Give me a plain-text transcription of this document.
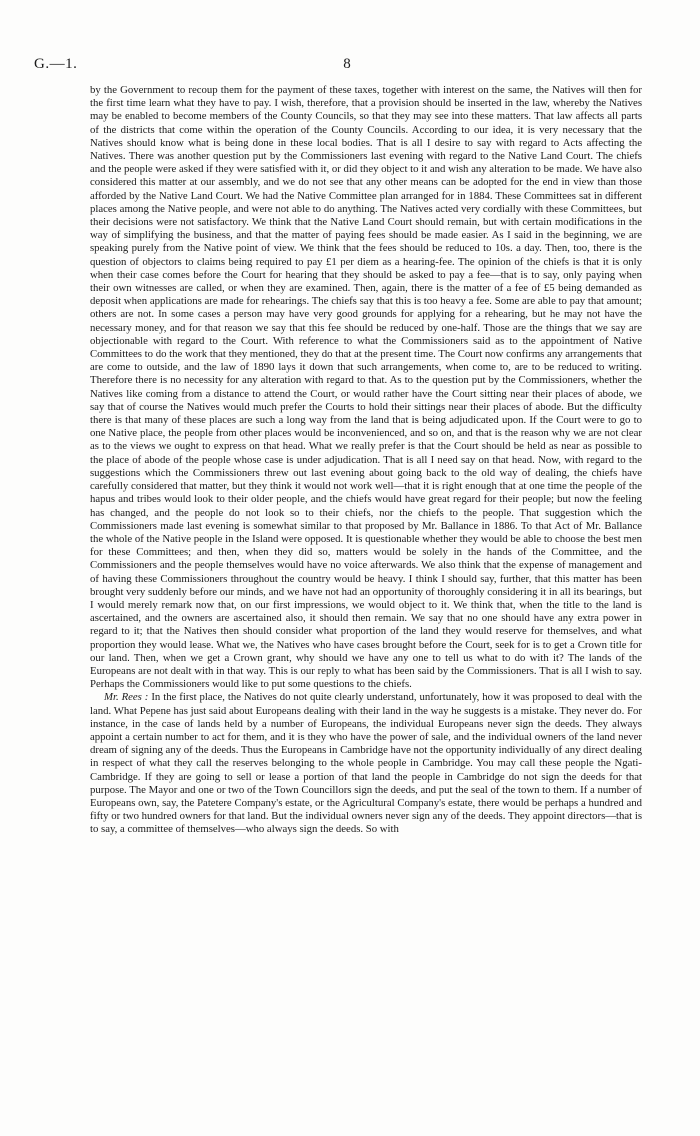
G.—1.	8

by the Government to recoup them for the payment of these taxes, together with interest on the same, the Natives will then for the first time learn what they have to pay. I wish, therefore, that a provision should be inserted in the law, whereby the Natives may be enabled to become members of the County Councils, so that they may see into these matters. That law affects all parts of the districts that come within the operation of the County Councils. According to our idea, it is very necessary that the Natives should know what is being done in these local bodies. That is all I desire to say with regard to Acts affecting the Natives. There was another question put by the Commissioners last evening with regard to the Native Land Court. The chiefs and the people were asked if they were satisfied with it, or did they object to it and wish any alteration to be made. We have also considered this matter at our assembly, and we do not see that any other means can be adopted for the end in view than those afforded by the Native Land Court. We had the Native Committee plan arranged for in 1884. These Committees sat in different places among the Native people, and were not able to do anything. The Natives acted very cordially with these Committees, but their decisions were not satisfactory. We think that the Native Land Court should remain, but with certain modifications in the way of simplifying the business, and that the matter of paying fees should be made easier. As I said in the beginning, we are speaking purely from the Native point of view. We think that the fees should be reduced to 10s. a day. Then, too, there is the question of objectors to claims being required to pay £1 per diem as a hearing-fee. The opinion of the chiefs is that it is only when their case comes before the Court for hearing that they should be asked to pay a fee—that is to say, only paying when their own witnesses are called, or when they are examined. Then, again, there is the matter of a fee of £5 being demanded as deposit when applications are made for rehearings. The chiefs say that this is too heavy a fee. Some are able to pay that amount; others are not. In some cases a person may have very good grounds for applying for a rehearing, but he may not have the necessary money, and for that reason we say that this fee should be reduced by one-half. Those are the things that we say are objectionable with regard to the Court. With reference to what the Commissioners said as to the appointment of Native Committees to do the work that they mentioned, they do that at the present time. The Court now confirms any arrangements that are come to outside, and the law of 1890 lays it down that such arrangements, when come to, are to be reduced to writing. Therefore there is no necessity for any alteration with regard to that. As to the question put by the Commissioners, whether the Natives like coming from a distance to attend the Court, or would rather have the Court sitting near their places of abode, we say that of course the Natives would much prefer the Courts to hold their sittings near their places of abode. But the difficulty there is that many of these places are such a long way from the land that is being adjudicated upon. If the Court were to go to one Native place, the people from other places would be inconvenienced, and so on, and that is the reason why we are not clear as to the views we ought to express on that head. What we really prefer is that the Court should be held as near as possible to the place of abode of the people whose case is under adjudication. That is all I need say on that head. Now, with regard to the suggestions which the Commissioners threw out last evening about going back to the old way of dealing, the chiefs have carefully considered that matter, but they think it would not work well—that it is right enough that at one time the people of the hapus and tribes would look to their older people, and the chiefs would have great regard for their people; but now the feeling has changed, and the people do not look so to their chiefs, nor the chiefs to the people. That suggestion which the Commissioners made last evening is somewhat similar to that proposed by Mr. Ballance in 1886. To that Act of Mr. Ballance the whole of the Native people in the Island were opposed. It is questionable whether they would be able to choose the best men for these Committees; and then, when they did so, matters would be solely in the hands of the Committee, and the Commissioners and the people themselves would have no voice afterwards. We also think that the expense of management and of having these Commissioners throughout the country would be heavy. I think I should say, further, that this matter has been brought very suddenly before our minds, and we have not had an opportunity of thoroughly considering it in all its bearings, but I would merely remark now that, on our first impressions, we would object to it. We think that, when the title to the land is ascertained, and the owners are ascertained also, it should then remain. We say that no one should have any extra power in regard to it; that the Natives then should consider what proportion of the land they would reserve for themselves, and what proportion they would lease. What we, the Natives who have cases brought before the Court, seek for is to get a Crown title for our land. Then, when we get a Crown grant, why should we have any one to tell us what to do with it? The lands of the Europeans are not dealt with in that way. This is our reply to what has been said by the Commissioners. That is all I wish to say. Perhaps the Commissioners would like to put some questions to the chiefs.

Mr. Rees : In the first place, the Natives do not quite clearly understand, unfortunately, how it was proposed to deal with the land. What Pepene has just said about Europeans dealing with their land in the way he suggests is a mistake. They never do. For instance, in the case of lands held by a number of Europeans, the individual Europeans never sign the deeds. They always appoint a certain number to act for them, and it is they who have the power of sale, and the individual owners of the land never dream of signing any of the deeds. Thus the Europeans in Cambridge have not the opportunity individually of any direct dealing in respect of what they call the reserves belonging to the whole people in Cambridge. You may call these people the Ngati-Cambridge. If they are going to sell or lease a portion of that land the people in Cambridge do not sign the deeds for that purpose. The Mayor and one or two of the Town Councillors sign the deeds, and put the seal of the town to them. If a number of Europeans own, say, the Patetere Company's estate, or the Agricultural Company's estate, there would be perhaps a hundred and fifty or two hundred owners for that land. But the individual owners never sign any of the deeds. They appoint directors—that is to say, a committee of themselves—who always sign the deeds. So with
